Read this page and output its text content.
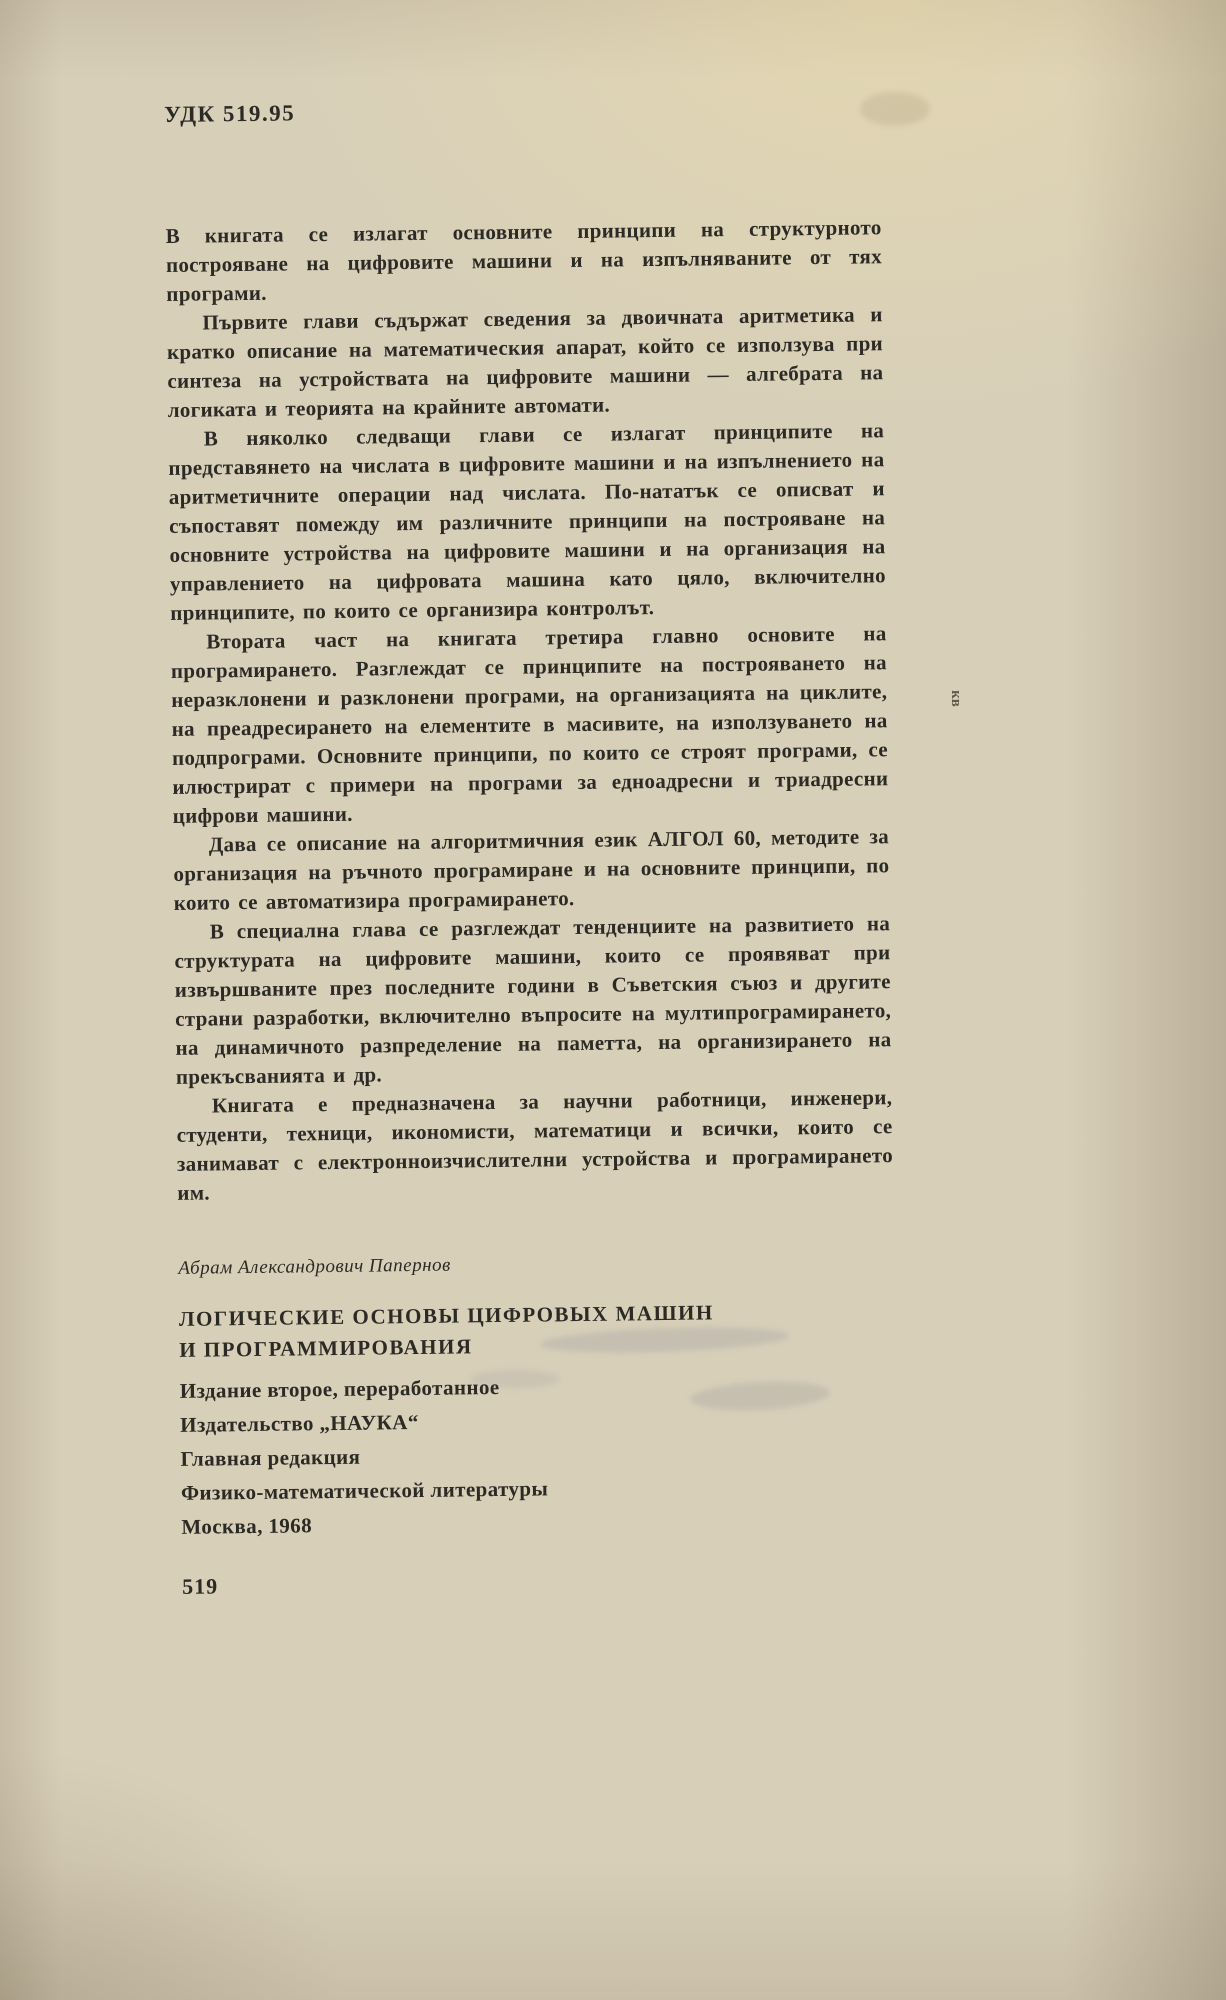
УДК 519.95

В книгата се излагат основните принципи на структурното построяване на цифровите машини и на изпълняваните от тях програми.

Първите глави съдържат сведения за двоичната аритметика и кратко описание на математическия апарат, който се използува при синтеза на устройствата на цифровите машини — алгебрата на логиката и теорията на крайните автомати.

В няколко следващи глави се излагат принципите на представянето на числата в цифровите машини и на изпълнението на аритметичните операции над числата. По-нататък се описват и съпоставят помежду им различните принципи на построяване на основните устройства на цифровите машини и на организация на управлението на цифровата машина като цяло, включително принципите, по които се организира контролът.

Втората част на книгата третира главно основите на програмирането. Разглеждат се принципите на построяването на неразклонени и разклонени програми, на организацията на циклите, на преадресирането на елементите в масивите, на използуването на подпрограми. Основните принципи, по които се строят програми, се илюстрират с примери на програми за едноадресни и триадресни цифрови машини.

Дава се описание на алгоритмичния език АЛГОЛ 60, методите за организация на ръчното програмиране и на основните принципи, по които се автоматизира програмирането.

В специална глава се разглеждат тенденциите на развитието на структурата на цифровите машини, които се проявяват при извършваните през последните години в Съветския съюз и другите страни разработки, включително въпросите на мултипрограмирането, на динамичното разпределение на паметта, на организирането на прекъсванията и др.

Книгата е предназначена за научни работници, инженери, студенти, техници, икономисти, математици и всички, които се занимават с електронноизчислителни устройства и програмирането им.

Абрам Александрович Папернов

ЛОГИЧЕСКИЕ ОСНОВЫ ЦИФРОВЫХ МАШИН

И ПРОГРАММИРОВАНИЯ

Издание второе, переработанное

Издательство „НАУКА“

Главная редакция

Физико-математической литературы

Москва, 1968

519
кв
